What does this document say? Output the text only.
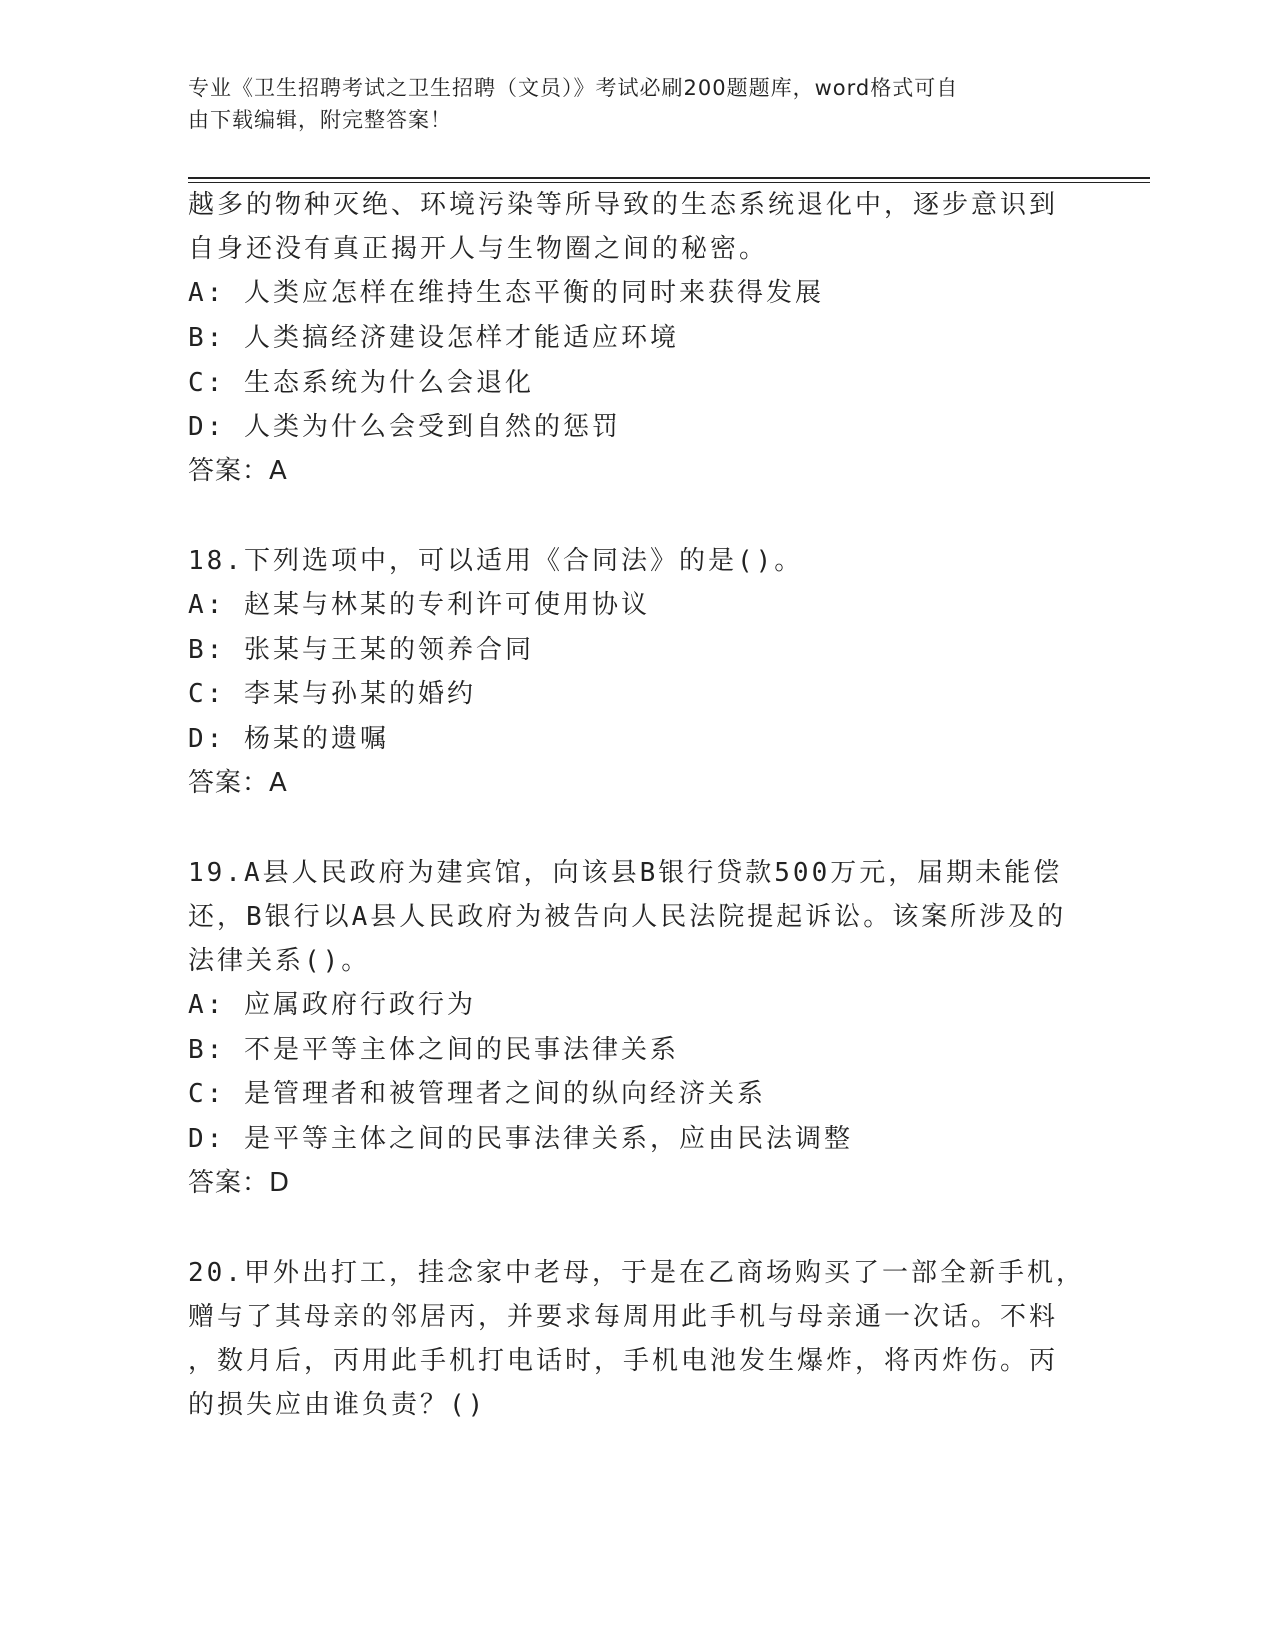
专业《卫生招聘考试之卫生招聘（文员）》考试必刷200题题库，word格式可自
由下载编辑，附完整答案！
越多的物种灭绝、环境污染等所导致的生态系统退化中，逐步意识到
自身还没有真正揭开人与生物圈之间的秘密。
A: 人类应怎样在维持生态平衡的同时来获得发展
B: 人类搞经济建设怎样才能适应环境
C: 生态系统为什么会退化
D: 人类为什么会受到自然的惩罚
答案：A
18.下列选项中，可以适用《合同法》的是()。
A: 赵某与林某的专利许可使用协议
B: 张某与王某的领养合同
C: 李某与孙某的婚约
D: 杨某的遗嘱
答案：A
19.A县人民政府为建宾馆，向该县B银行贷款500万元，届期未能偿
还，B银行以A县人民政府为被告向人民法院提起诉讼。该案所涉及的
法律关系()。
A: 应属政府行政行为
B: 不是平等主体之间的民事法律关系
C: 是管理者和被管理者之间的纵向经济关系
D: 是平等主体之间的民事法律关系，应由民法调整
答案：D
20.甲外出打工，挂念家中老母，于是在乙商场购买了一部全新手机，
赠与了其母亲的邻居丙，并要求每周用此手机与母亲通一次话。不料
，数月后，丙用此手机打电话时，手机电池发生爆炸，将丙炸伤。丙
的损失应由谁负责？()
